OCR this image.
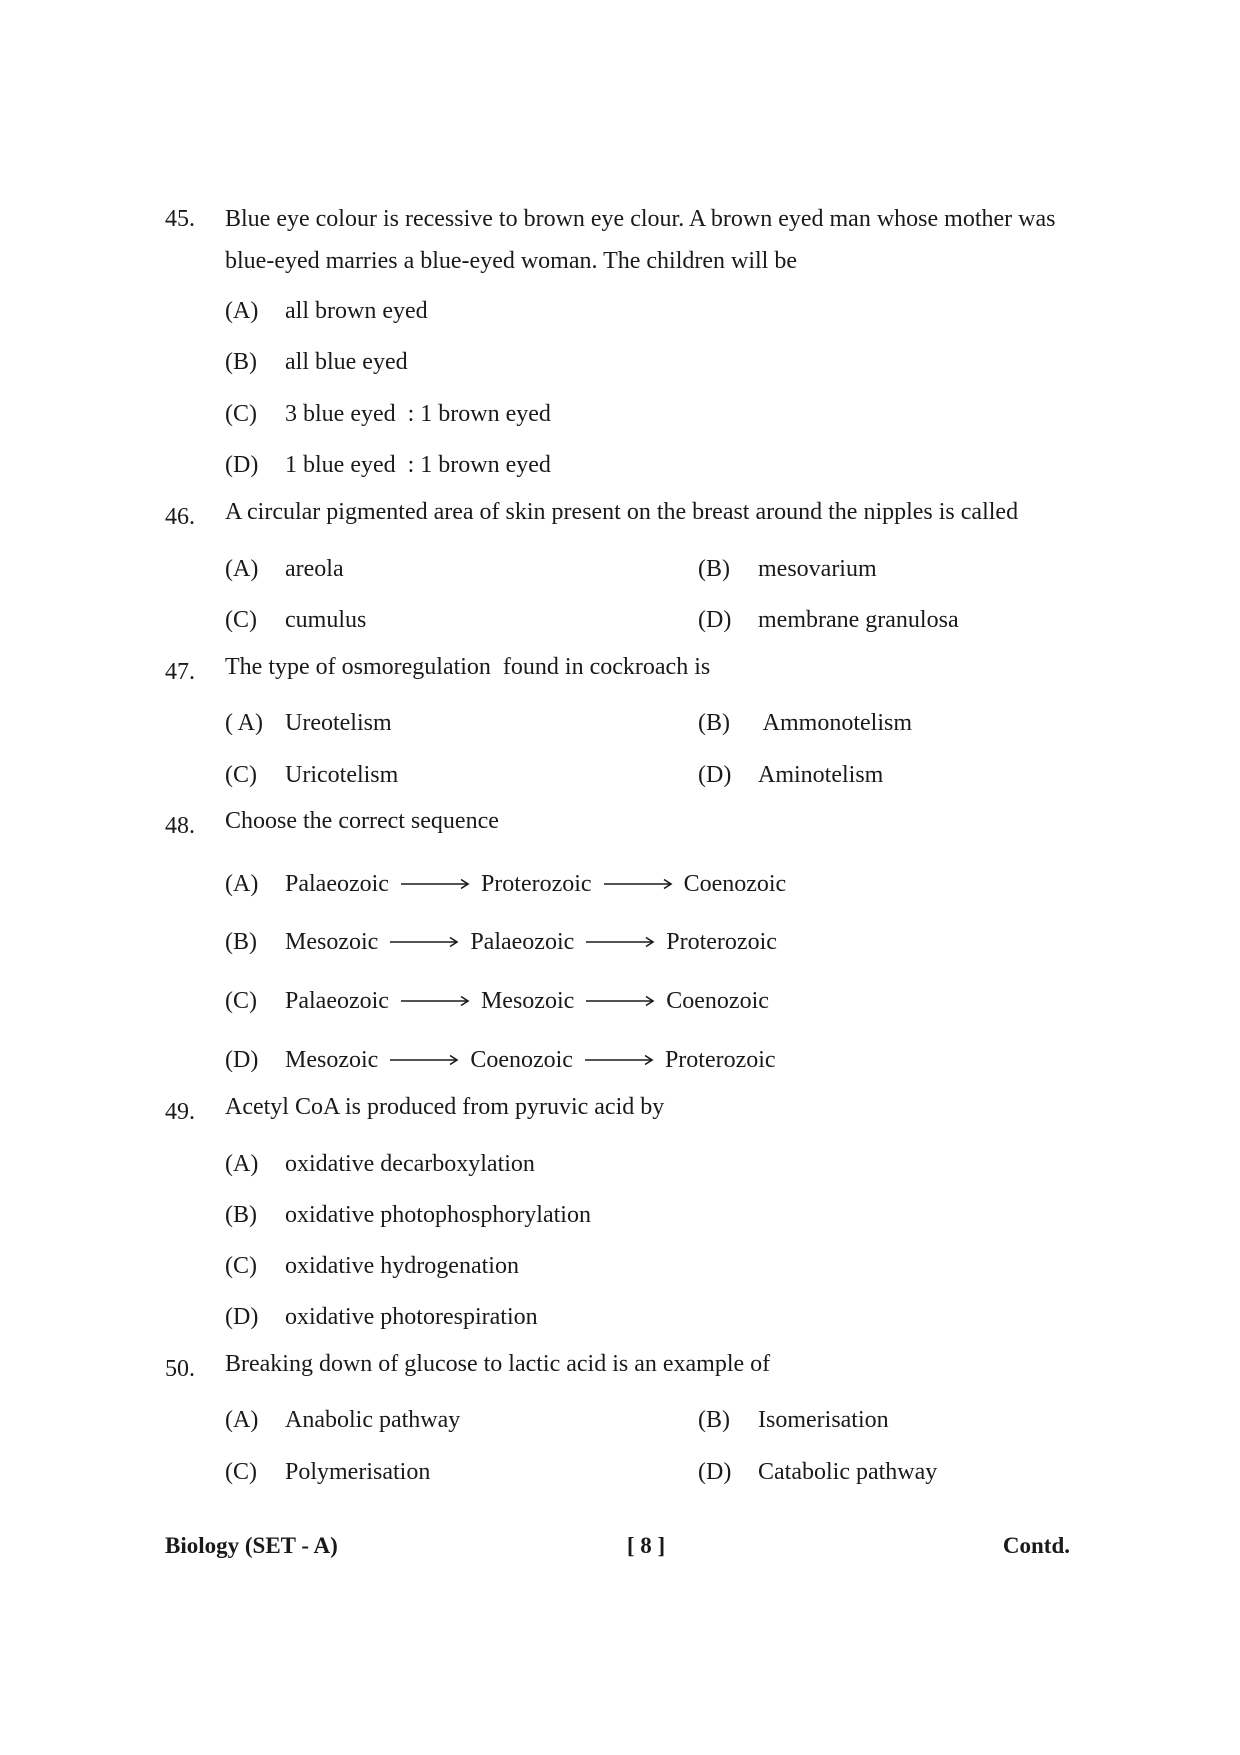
45. Blue eye colour is recessive to brown eye clour. A brown eyed man whose mother was blue-eyed marries a blue-eyed woman. The children will be
(A) all brown eyed
(B) all blue eyed
(C) 3 blue eyed  : 1 brown eyed
(D) 1 blue eyed  : 1 brown eyed
46. A circular pigmented area of skin present on the breast around the nipples is called
(A) areola	(B) mesovarium
(C) cumulus	(D) membrane granulosa
47. The type of osmoregulation  found in cockroach is
( A) Ureotelism	(B) Ammonotelism
(C) Uricotelism	(D) Aminotelism
48. Choose the correct sequence
(A)	Palaeozoic	Proterozoic	Coenozoic
(B)	Mesozoic	Palaeozoic	Proterozoic
(C)	Palaeozoic	Mesozoic	Coenozoic
(D)	Mesozoic	Coenozoic	Proterozoic
49. Acetyl CoA is produced from pyruvic acid by
(A) oxidative decarboxylation
(B) oxidative photophosphorylation
(C) oxidative hydrogenation
(D) oxidative photorespiration
50. Breaking down of glucose to lactic acid is an example of
(A) Anabolic pathway	(B) Isomerisation
(C) Polymerisation	(D) Catabolic pathway
Biology (SET - A)	[ 8 ]	Contd.
